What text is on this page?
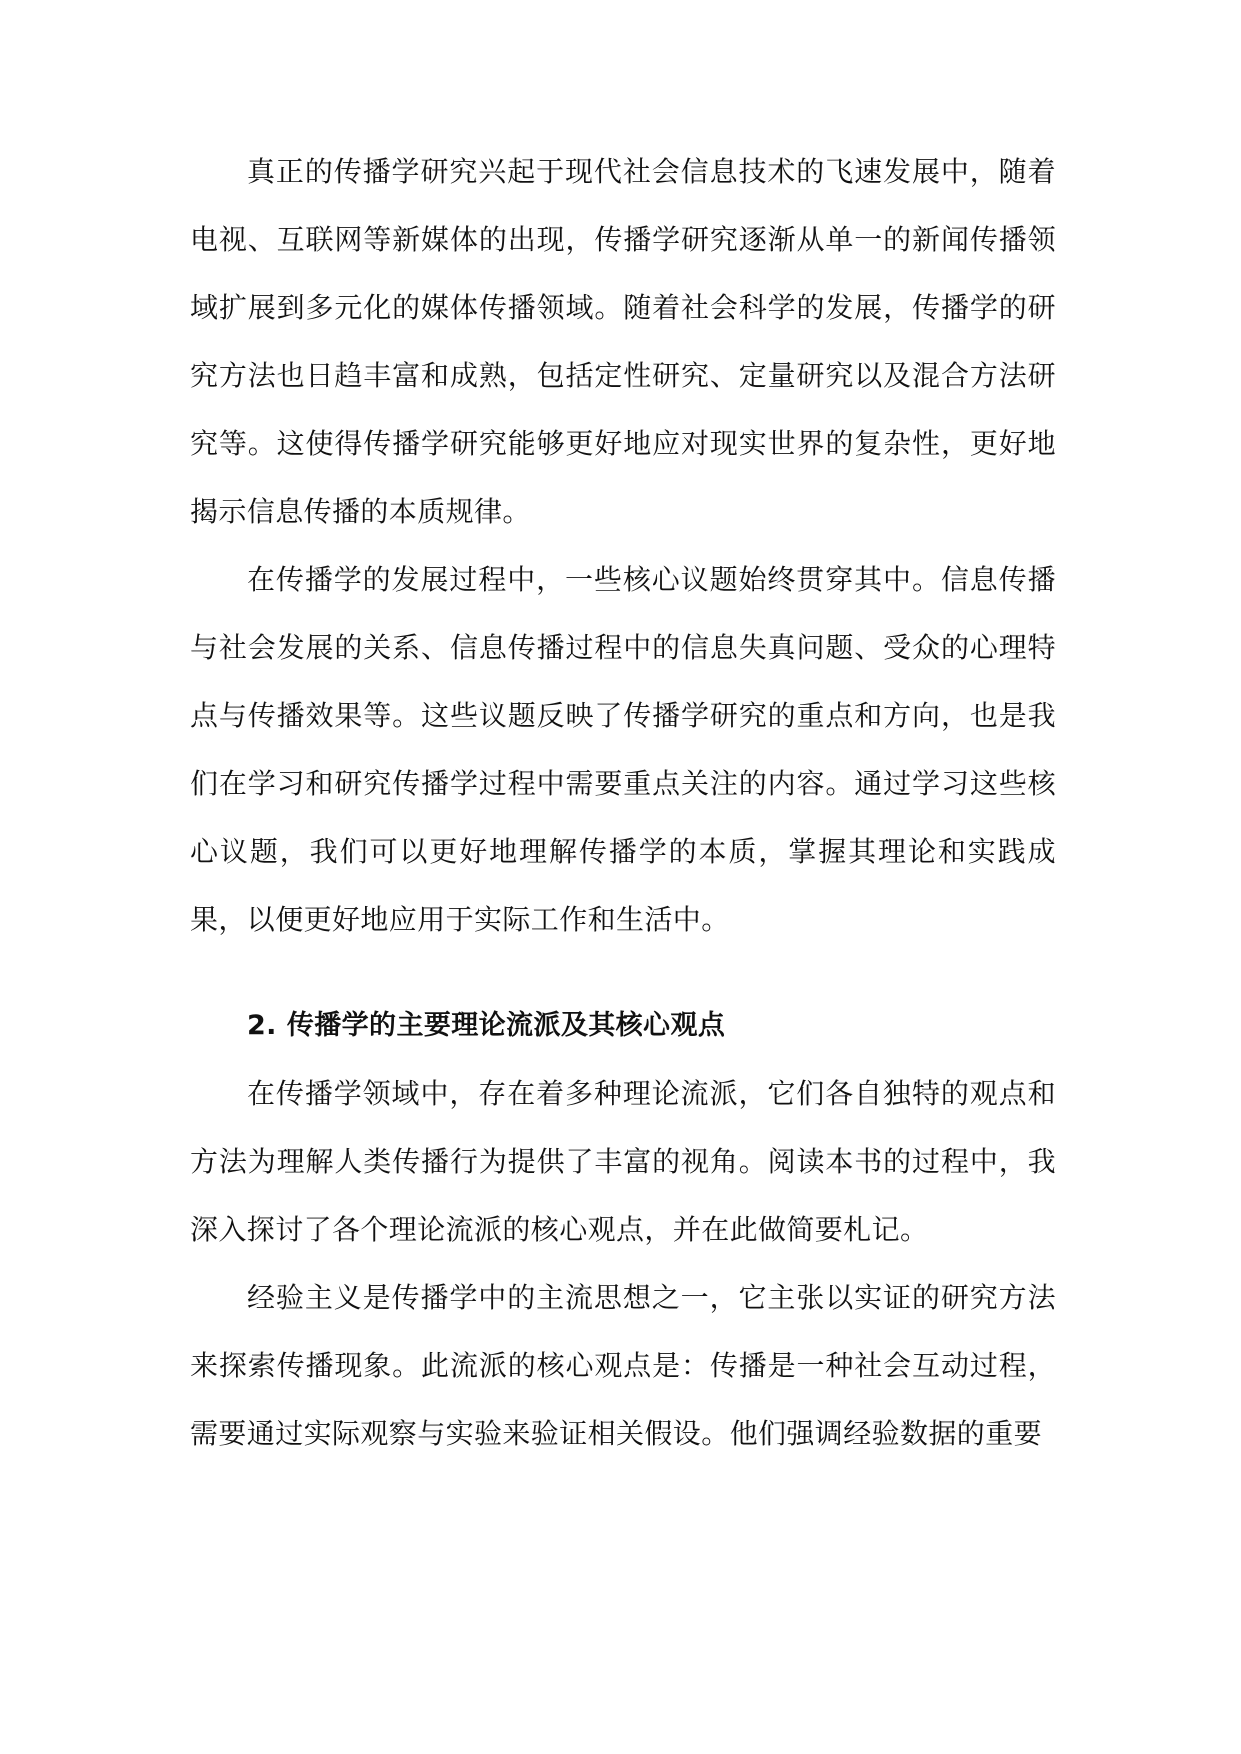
真正的传播学研究兴起于现代社会信息技术的飞速发展中，随着电视、互联网等新媒体的出现，传播学研究逐渐从单一的新闻传播领域扩展到多元化的媒体传播领域。随着社会科学的发展，传播学的研究方法也日趋丰富和成熟，包括定性研究、定量研究以及混合方法研究等。这使得传播学研究能够更好地应对现实世界的复杂性，更好地揭示信息传播的本质规律。

在传播学的发展过程中，一些核心议题始终贯穿其中。信息传播与社会发展的关系、信息传播过程中的信息失真问题、受众的心理特点与传播效果等。这些议题反映了传播学研究的重点和方向，也是我们在学习和研究传播学过程中需要重点关注的内容。通过学习这些核心议题，我们可以更好地理解传播学的本质，掌握其理论和实践成果，以便更好地应用于实际工作和生活中。

2. 传播学的主要理论流派及其核心观点

在传播学领域中，存在着多种理论流派，它们各自独特的观点和方法为理解人类传播行为提供了丰富的视角。阅读本书的过程中，我深入探讨了各个理论流派的核心观点，并在此做简要札记。

经验主义是传播学中的主流思想之一，它主张以实证的研究方法来探索传播现象。此流派的核心观点是：传播是一种社会互动过程，需要通过实际观察与实验来验证相关假设。他们强调经验数据的重要
